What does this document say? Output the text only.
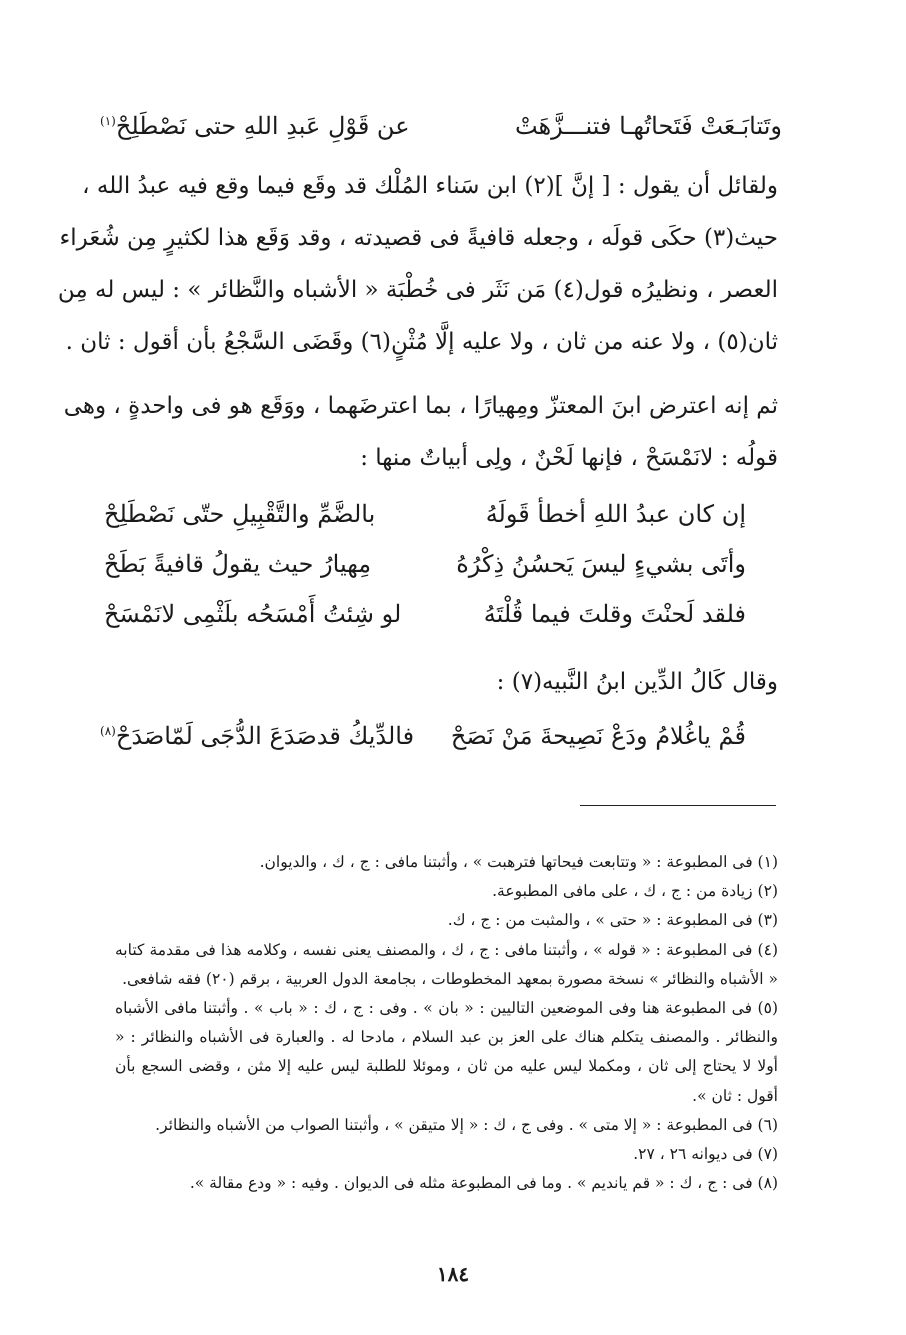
وتَتابَـعَتْ فَتَحاتُهـا فتنـــزَّهَتْ
عن قَوْلِ عَبدِ اللهِ حتى نَصْطَلِحْ$^{(١)}$
ولقائل أن يقول : [ إنَّ ](٢) ابن سَناء المُلْك قد وقَع فيما وقع فيه عبدُ الله ،
حيث(٣) حكَى قولَه ، وجعله قافيةً فى قصيدته ، وقد وَقَع هذا لكثيرٍ مِن شُعَراء
العصر ، ونظيرُه قول(٤) مَن نَثَر فى خُطْبَة « الأشباه والنَّظائر » : ليس له مِن
ثان(٥) ، ولا عنه من ثان ، ولا عليه إلَّا مُثْنٍ(٦) وقَضَى السَّجْعُ بأن أقول : ثان .
ثم إنه اعترض ابنَ المعتزّ ومِهيارًا ، بما اعترضَهما ، ووَقَع هو فى واحدةٍ ، وهى
قولُه : لانَمْسَحْ ، فإنها لَحْنٌ ، ولِى أبياتٌ منها :
إن كان عبدُ اللهِ أخطأ قَولَهُ
بالضَّمِّ والتَّقْبِيلِ حتّى نَصْطَلِحْ
وأتَى بشيءٍ ليسَ يَحسُنُ ذِكْرُهُ
مِهيارُ حيث يقولُ قافيةً بَطَحْ
فلقد لَحنْتَ وقلتَ فيما قُلْتَهُ
لو شِئتُ أَمْسَحُه بلَثْمِى لانَمْسَحْ
وقال كَالُ الدِّين ابنُ النَّبيه(٧) :
قُمْ ياغُلامُ ودَعْ نَصِيحةَ مَنْ نَصَحْ
فالدِّيكُ قدصَدَعَ الدُّجَى لَمّاصَدَحْ$^{(٨)}$
(١) فى المطبوعة : « وتتابعت فيحاتها فترهبت » ، وأثبتنا مافى : ج ، ك ، والديوان.
(٢) زيادة من : ج ، ك ، على مافى المطبوعة.
(٣) فى المطبوعة : « حتى » ، والمثبت من : ج ، ك.
(٤) فى المطبوعة : « قوله » ، وأثبتنا مافى : ج ، ك ، والمصنف يعنى نفسه ، وكلامه هذا فى مقدمة كتابه « الأشباه والنظائر » نسخة مصورة بمعهد المخطوطات ، بجامعة الدول العربية ، برقم (٢٠) فقه شافعى.
(٥) فى المطبوعة هنا وفى الموضعين التاليين : « بان » . وفى : ج ، ك : « باب » . وأثبتنا مافى الأشباه والنظائر . والمصنف يتكلم هناك على العز بن عبد السلام ، مادحا له . والعبارة فى الأشباه والنظائر : « أولا لا يحتاج إلى ثان ، ومكملا ليس عليه من ثان ، وموئلا للطلبة ليس عليه إلا مثن ، وقضى السجع بأن أقول : ثان ».
(٦) فى المطبوعة : « إلا متى » . وفى ج ، ك : « إلا متيقن » ، وأثبتنا الصواب من الأشباه والنظائر.
(٧) فى ديوانه ٢٦ ، ٢٧.
(٨) فى : ج ، ك : « قم يانديم » . وما فى المطبوعة مثله فى الديوان . وفيه : « ودع مقالة ».
١٨٤
